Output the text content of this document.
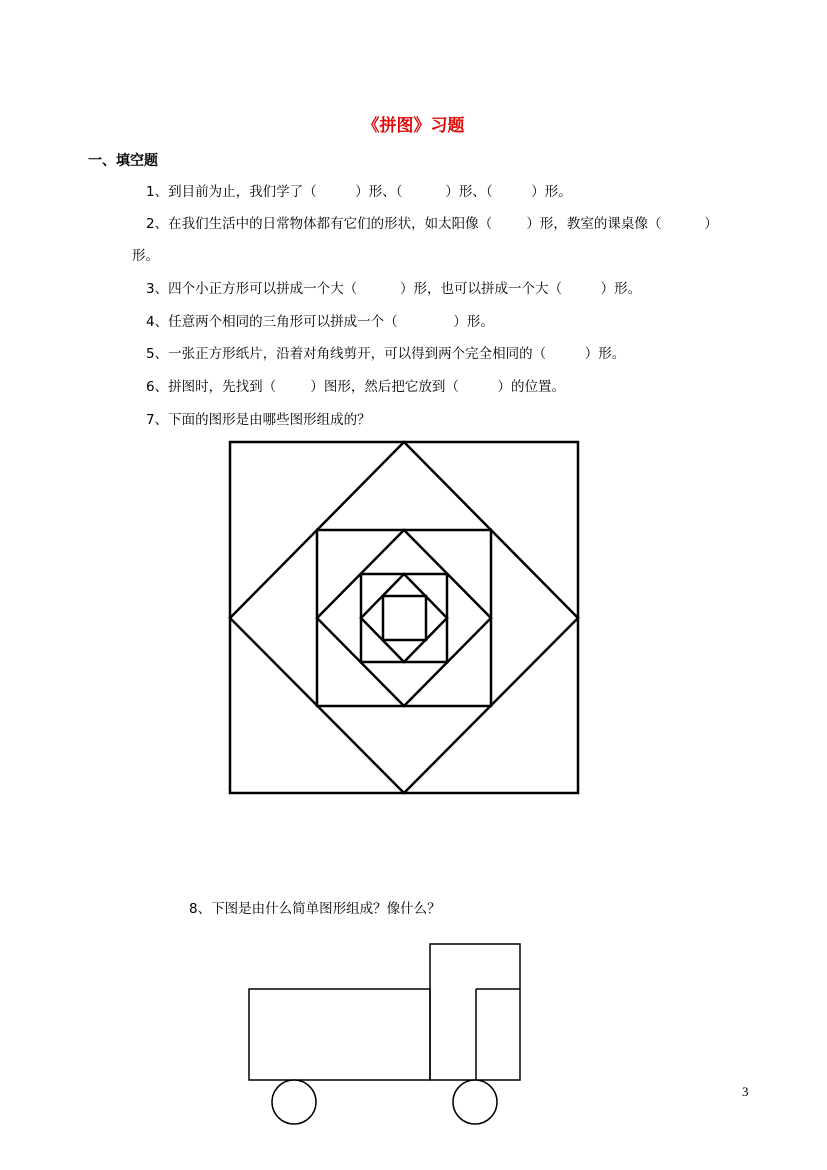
《拼图》习题
一、填空题
1、到目前为止，我们学了（         ）形、（          ）形、（         ）形。
2、在我们生活中的日常物体都有它们的形状，如太阳像（        ）形，教室的课桌像（          ）
形。
3、四个小正方形可以拼成一个大（          ）形，也可以拼成一个大（         ）形。
4、任意两个相同的三角形可以拼成一个（             ）形。
5、一张正方形纸片，沿着对角线剪开，可以得到两个完全相同的（         ）形。
6、拼图时，先找到（        ）图形，然后把它放到（         ）的位置。
7、下面的图形是由哪些图形组成的？
8、下图是由什么简单图形组成？像什么？
3
